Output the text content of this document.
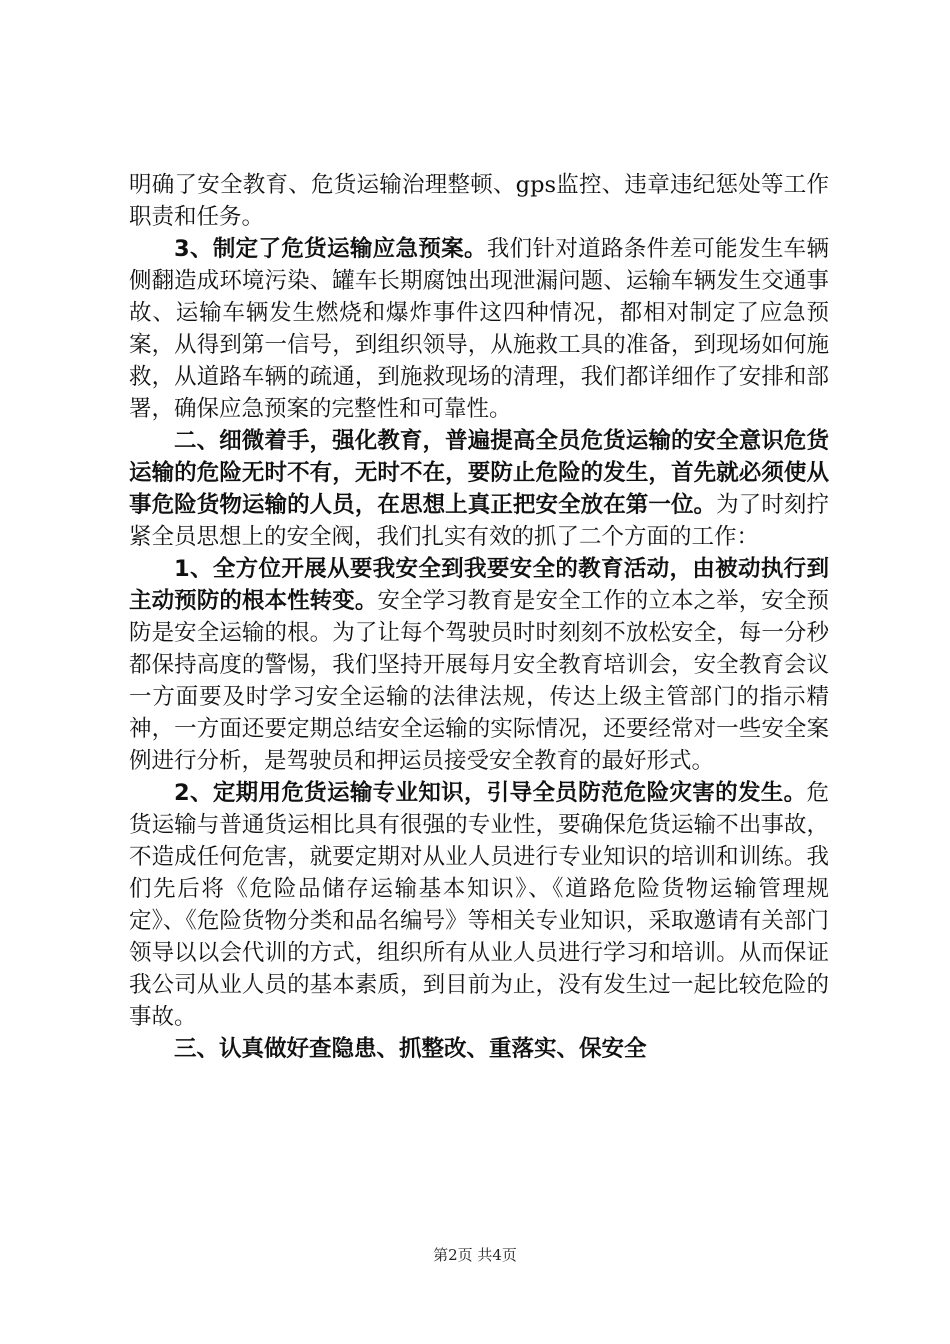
明确了安全教育、危货运输治理整顿、gps监控、违章违纪惩处等工作职责和任务。

3、制定了危货运输应急预案。我们针对道路条件差可能发生车辆侧翻造成环境污染、罐车长期腐蚀出现泄漏问题、运输车辆发生交通事故、运输车辆发生燃烧和爆炸事件这四种情况，都相对制定了应急预案，从得到第一信号，到组织领导，从施救工具的准备，到现场如何施救，从道路车辆的疏通，到施救现场的清理，我们都详细作了安排和部署，确保应急预案的完整性和可靠性。

二、细微着手，强化教育，普遍提高全员危货运输的安全意识危货运输的危险无时不有，无时不在，要防止危险的发生，首先就必须使从事危险货物运输的人员，在思想上真正把安全放在第一位。为了时刻拧紧全员思想上的安全阀，我们扎实有效的抓了二个方面的工作：

1、全方位开展从要我安全到我要安全的教育活动，由被动执行到主动预防的根本性转变。安全学习教育是安全工作的立本之举，安全预防是安全运输的根。为了让每个驾驶员时时刻刻不放松安全，每一分秒都保持高度的警惕，我们坚持开展每月安全教育培训会，安全教育会议一方面要及时学习安全运输的法律法规，传达上级主管部门的指示精神，一方面还要定期总结安全运输的实际情况，还要经常对一些安全案例进行分析，是驾驶员和押运员接受安全教育的最好形式。

2、定期用危货运输专业知识，引导全员防范危险灾害的发生。危货运输与普通货运相比具有很强的专业性，要确保危货运输不出事故，不造成任何危害，就要定期对从业人员进行专业知识的培训和训练。我们先后将《危险品储存运输基本知识》、《道路危险货物运输管理规定》、《危险货物分类和品名编号》等相关专业知识，采取邀请有关部门领导以以会代训的方式，组织所有从业人员进行学习和培训。从而保证我公司从业人员的基本素质，到目前为止，没有发生过一起比较危险的事故。

三、认真做好查隐患、抓整改、重落实、保安全

第2页 共4页
